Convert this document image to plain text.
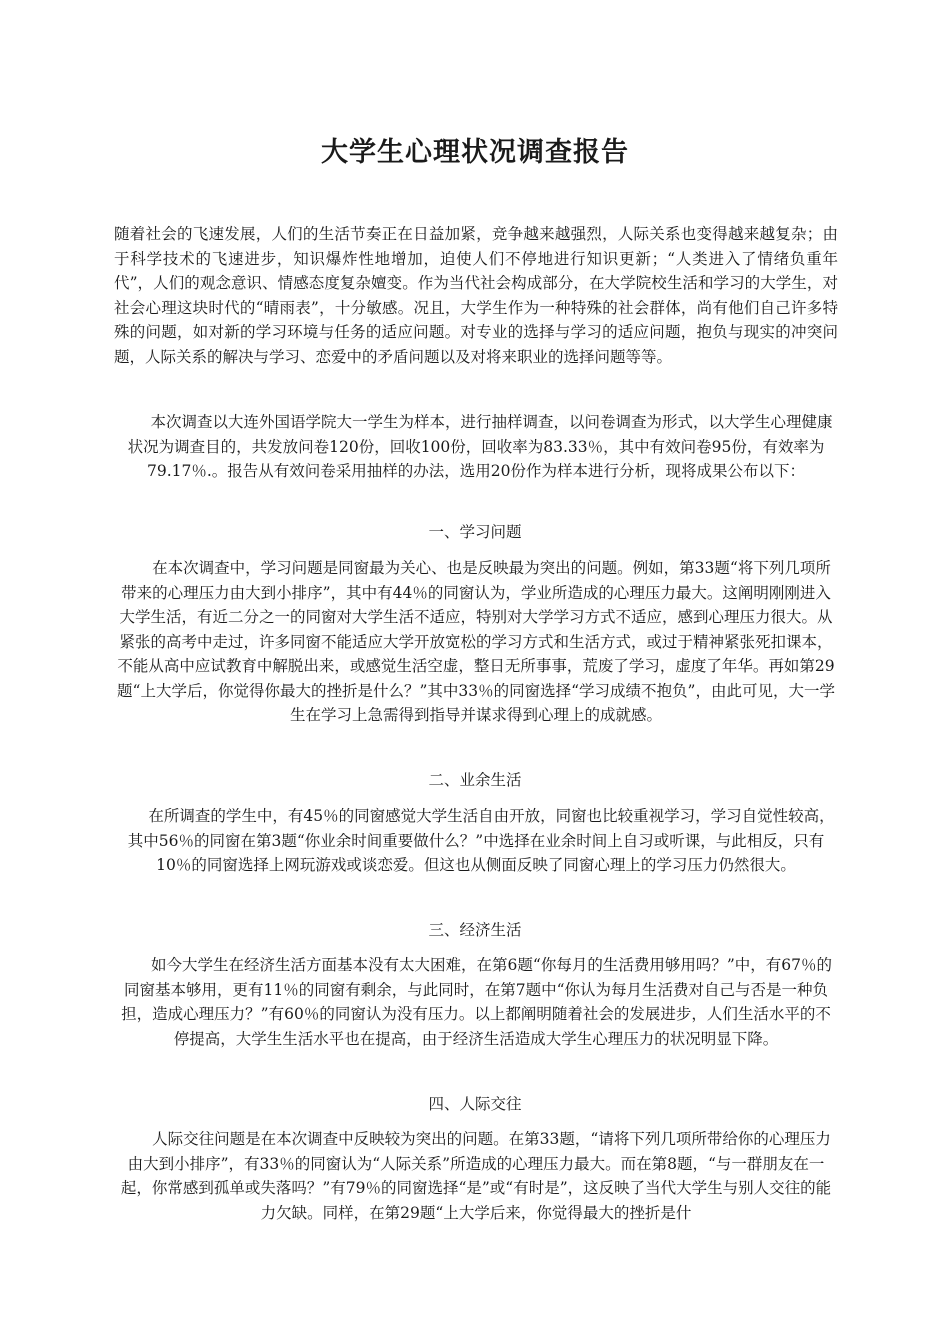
大学生心理状况调查报告

随着社会的飞速发展，人们的生活节奏正在日益加紧，竞争越来越强烈，人际关系也变得越来越复杂；由于科学技术的飞速进步，知识爆炸性地增加，迫使人们不停地进行知识更新；“人类进入了情绪负重年代”，人们的观念意识、情感态度复杂嬗变。作为当代社会构成部分，在大学院校生活和学习的大学生，对社会心理这块时代的“晴雨表”，十分敏感。况且，大学生作为一种特殊的社会群体，尚有他们自己许多特殊的问题，如对新的学习环境与任务的适应问题。对专业的选择与学习的适应问题，抱负与现实的冲突问题，人际关系的解决与学习、恋爱中的矛盾问题以及对将来职业的选择问题等等。

本次调查以大连外国语学院大一学生为样本，进行抽样调查，以问卷调查为形式，以大学生心理健康状况为调查目的，共发放问卷120份，回收100份，回收率为83.33％，其中有效问卷95份，有效率为79.17％.。报告从有效问卷采用抽样的办法，选用20份作为样本进行分析，现将成果公布以下：

一、学习问题

在本次调查中，学习问题是同窗最为关心、也是反映最为突出的问题。例如，第33题“将下列几项所带来的心理压力由大到小排序”，其中有44％的同窗认为，学业所造成的心理压力最大。这阐明刚刚进入大学生活，有近二分之一的同窗对大学生活不适应，特别对大学学习方式不适应，感到心理压力很大。从紧张的高考中走过，许多同窗不能适应大学开放宽松的学习方式和生活方式，或过于精神紧张死扣课本，不能从高中应试教育中解脱出来，或感觉生活空虚，整日无所事事，荒废了学习，虚度了年华。再如第29题“上大学后，你觉得你最大的挫折是什么？”其中33％的同窗选择“学习成绩不抱负”，由此可见，大一学生在学习上急需得到指导并谋求得到心理上的成就感。

二、业余生活

在所调查的学生中，有45％的同窗感觉大学生活自由开放，同窗也比较重视学习，学习自觉性较高，其中56％的同窗在第3题“你业余时间重要做什么？”中选择在业余时间上自习或听课，与此相反，只有10％的同窗选择上网玩游戏或谈恋爱。但这也从侧面反映了同窗心理上的学习压力仍然很大。

三、经济生活

如今大学生在经济生活方面基本没有太大困难，在第6题“你每月的生活费用够用吗？”中，有67％的同窗基本够用，更有11％的同窗有剩余，与此同时，在第7题中“你认为每月生活费对自己与否是一种负担，造成心理压力？”有60％的同窗认为没有压力。以上都阐明随着社会的发展进步，人们生活水平的不停提高，大学生生活水平也在提高，由于经济生活造成大学生心理压力的状况明显下降。

四、人际交往

人际交往问题是在本次调查中反映较为突出的问题。在第33题，“请将下列几项所带给你的心理压力由大到小排序”，有33％的同窗认为“人际关系”所造成的心理压力最大。而在第8题，“与一群朋友在一起，你常感到孤单或失落吗？”有79％的同窗选择“是”或“有时是”，这反映了当代大学生与别人交往的能力欠缺。同样，在第29题“上大学后来，你觉得最大的挫折是什
